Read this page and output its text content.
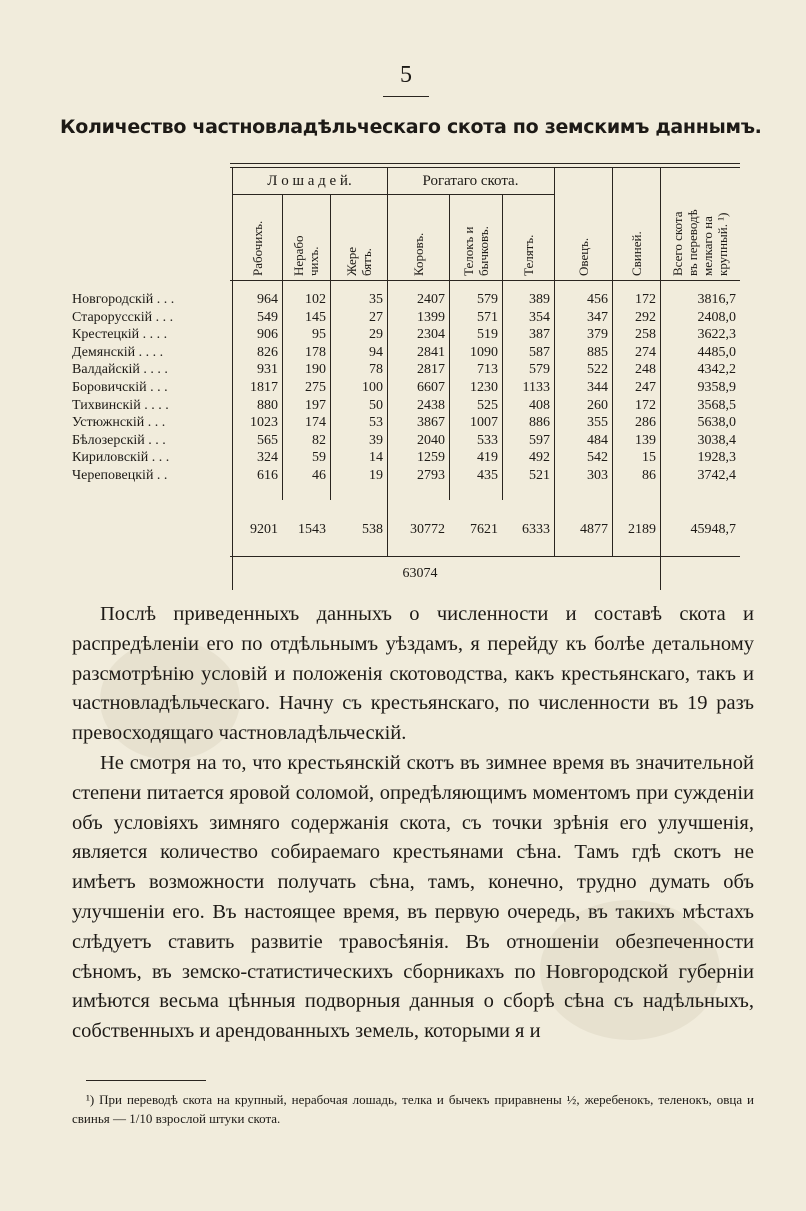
5
Количество частновладѣльческаго скота по земскимъ даннымъ.
Л о ш а д е й.	Рогатаго скота.
Рабочихъ. Нерабо чихъ. Жере бятъ.	Коровъ.	Телокъ и бычковъ. Телятъ.	Овецъ.	Свиней. Всего скота въ переводѣ мелкаго на крупный. ¹)
Новгородскій . . .	964	102	35	2407	579	389	456	172	3816,7
Старорусскій . . .	549	145	27	1399	571	354	347	292	2408,0
Крестецкій . . . .	906	95	29	2304	519	387	379	258	3622,3
Демянскій . . . .	826	178	94	2841	1090	587	885	274	4485,0
Валдайскій . . . .	931	190	78	2817	713	579	522	248	4342,2
Боровичскій . . .	1817	275	100	6607	1230	1133	344	247	9358,9
Тихвинскій . . . .	880	197	50	2438	525	408	260	172	3568,5
Устюжнскій . . .	1023	174	53	3867	1007	886	355	286	5638,0
Бѣлозерскій . . .	565	82	39	2040	533	597	484	139	3038,4
Кириловскій . . .	324	59	14	1259	419	492	542	15	1928,3
Череповецкій . .	616	46	19	2793	435	521	303	86	3742,4
9201	1543	538	30772	7621	6333	4877	2189	45948,7
63074

Послѣ приведенныхъ данныхъ о численности и составѣ скота и распредѣленіи его по отдѣльнымъ уѣздамъ, я перейду къ болѣе детальному разсмотрѣнію условій и положенія скотоводства, какъ крестьянскаго, такъ и частновладѣльческаго. Начну съ крестьянскаго, по численности въ 19 разъ превосходящаго частновладѣльческій.

Не смотря на то, что крестьянскій скотъ въ зимнее время въ значительной степени питается яровой соломой, опредѣляющимъ моментомъ при сужденіи объ условіяхъ зимняго содержанія скота, съ точки зрѣнія его улучшенія, является количество собираемаго крестьянами сѣна. Тамъ гдѣ скотъ не имѣетъ возможности получать сѣна, тамъ, конечно, трудно думать объ улучшеніи его. Въ настоящее время, въ первую очередь, въ такихъ мѣстахъ слѣдуетъ ставить развитіе травосѣянія. Въ отношеніи обезпеченности сѣномъ, въ земско-статистическихъ сборникахъ по Новгородской губерніи имѣются весьма цѣнныя подворныя данныя о сборѣ сѣна съ надѣльныхъ, собственныхъ и арендованныхъ земель, которыми я и

¹) При переводѣ скота на крупный, нерабочая лошадь, телка и бычекъ приравнены ½, жеребенокъ, теленокъ, овца и свинья — 1/10 взрослой штуки скота.
